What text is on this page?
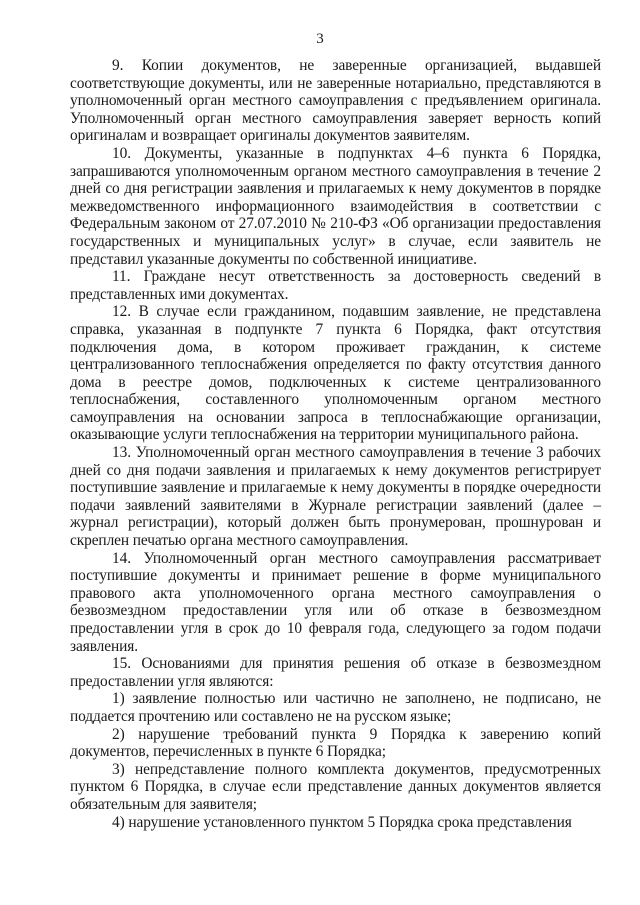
3

9. Копии документов, не заверенные организацией, выдавшей соответствующие документы, или не заверенные нотариально, представляются в уполномоченный орган местного самоуправления с предъявлением оригинала. Уполномоченный орган местного самоуправления заверяет верность копий оригиналам и возвращает оригиналы документов заявителям.

10. Документы, указанные в подпунктах 4–6 пункта 6 Порядка, запрашиваются уполномоченным органом местного самоуправления в течение 2 дней со дня регистрации заявления и прилагаемых к нему документов в порядке межведомственного информационного взаимодействия в соответствии с Федеральным законом от 27.07.2010 № 210-ФЗ «Об организации предоставления государственных и муниципальных услуг» в случае, если заявитель не представил указанные документы по собственной инициативе.

11. Граждане несут ответственность за достоверность сведений в представленных ими документах.

12. В случае если гражданином, подавшим заявление, не представлена справка, указанная в подпункте 7 пункта 6 Порядка, факт отсутствия подключения дома, в котором проживает гражданин, к системе централизованного теплоснабжения определяется по факту отсутствия данного дома в реестре домов, подключенных к системе централизованного теплоснабжения, составленного уполномоченным органом местного самоуправления на основании запроса в теплоснабжающие организации, оказывающие услуги теплоснабжения на территории муниципального района.

13. Уполномоченный орган местного самоуправления в течение 3 рабочих дней со дня подачи заявления и прилагаемых к нему документов регистрирует поступившие заявление и прилагаемые к нему документы в порядке очередности подачи заявлений заявителями в Журнале регистрации заявлений (далее – журнал регистрации), который должен быть пронумерован, прошнурован и скреплен печатью органа местного самоуправления.

14. Уполномоченный орган местного самоуправления рассматривает поступившие документы и принимает решение в форме муниципального правового акта уполномоченного органа местного самоуправления о безвозмездном предоставлении угля или об отказе в безвозмездном предоставлении угля в срок до 10 февраля года, следующего за годом подачи заявления.

15. Основаниями для принятия решения об отказе в безвозмездном предоставлении угля являются:

1) заявление полностью или частично не заполнено, не подписано, не поддается прочтению или составлено не на русском языке;

2) нарушение требований пункта 9 Порядка к заверению копий документов, перечисленных в пункте 6 Порядка;

3) непредставление полного комплекта документов, предусмотренных пунктом 6 Порядка, в случае если представление данных документов является обязательным для заявителя;

4) нарушение установленного пунктом 5 Порядка срока представления
